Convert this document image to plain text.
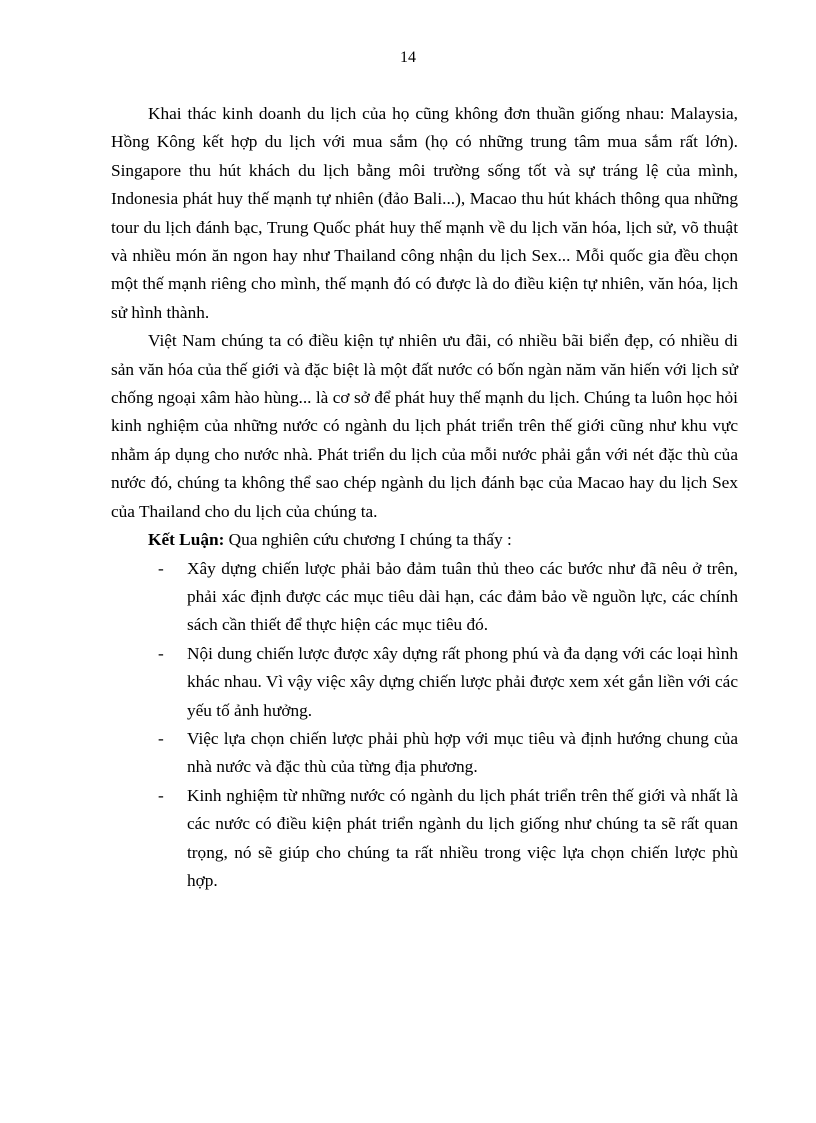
14

Khai thác kinh doanh du lịch của họ cũng không đơn thuần giống nhau: Malaysia, Hồng Kông kết hợp du lịch với mua sắm (họ có những trung tâm mua sắm rất lớn). Singapore thu hút khách du lịch bằng môi trường sống tốt và sự tráng lệ của mình, Indonesia phát huy thế mạnh tự nhiên (đảo Bali...), Macao thu hút khách thông qua những tour du lịch đánh bạc, Trung Quốc phát huy thế mạnh về du lịch văn hóa, lịch sử, võ thuật và nhiều món ăn ngon hay như Thailand công nhận du lịch Sex... Mỗi quốc gia đều chọn một thế mạnh riêng cho mình, thế mạnh đó có được là do điều kiện tự nhiên, văn hóa, lịch sử hình thành.

Việt Nam chúng ta có điều kiện tự nhiên ưu đãi, có nhiều bãi biển đẹp, có nhiều di sản văn hóa của thế giới và đặc biệt là một đất nước có bốn ngàn năm văn hiến với lịch sử chống ngoại xâm hào hùng... là cơ sở để phát huy thế mạnh du lịch. Chúng ta luôn học hỏi kinh nghiệm của những nước có ngành du lịch phát triển trên thế giới cũng như khu vực nhằm áp dụng cho nước nhà. Phát triển du lịch của mỗi nước phải gắn với nét đặc thù của nước đó, chúng ta không thể sao chép ngành du lịch đánh bạc của Macao hay du lịch Sex của Thailand cho du lịch của chúng ta.

Kết Luận: Qua nghiên cứu chương I chúng ta thấy :

- Xây dựng chiến lược phải bảo đảm tuân thủ theo các bước như đã nêu ở trên, phải xác định được các mục tiêu dài hạn, các đảm bảo về nguồn lực, các chính sách cần thiết để thực hiện các mục tiêu đó.
- Nội dung chiến lược được xây dựng rất phong phú và đa dạng với các loại hình khác nhau. Vì vậy việc xây dựng chiến lược phải được xem xét gắn liền với các yếu tố ảnh hưởng.
- Việc lựa chọn chiến lược phải phù hợp với mục tiêu và định hướng chung của nhà nước và đặc thù của từng địa phương.
- Kinh nghiệm từ những nước có ngành du lịch phát triển trên thế giới và nhất là các nước có điều kiện phát triển ngành du lịch giống như chúng ta sẽ rất quan trọng, nó sẽ giúp cho chúng ta rất nhiều trong việc lựa chọn chiến lược phù hợp.
